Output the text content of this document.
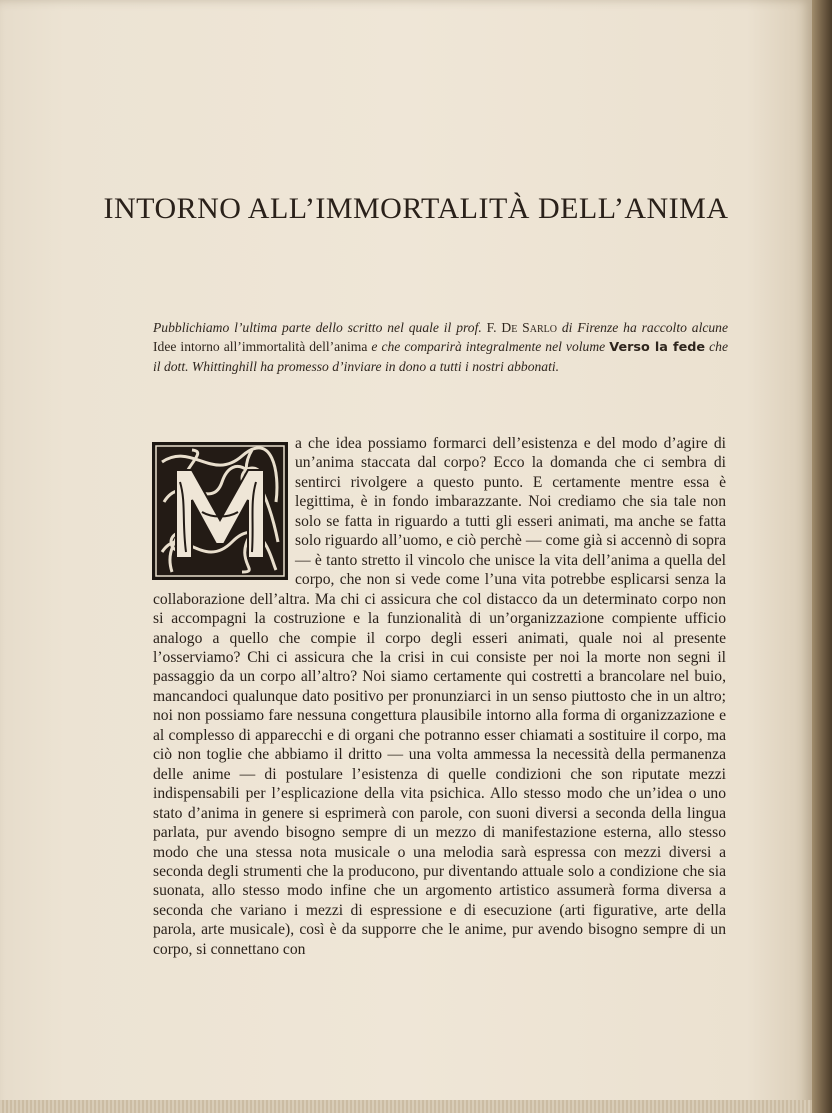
INTORNO ALL’IMMORTALITÀ DELL’ANIMA

Pubblichiamo l’ultima parte dello scritto nel quale il prof. F. De Sarlo di Firenze ha raccolto alcune Idee intorno all’immortalità dell’anima e che comparirà integralmente nel volume Verso la fede che il dott. Whittinghill ha promesso d’inviare in dono a tutti i nostri abbonati.

a che idea possiamo formarci dell’esistenza e del modo d’agire di un’anima staccata dal corpo? Ecco la domanda che ci sembra di sentirci rivolgere a questo punto. E certamente mentre essa è legittima, è in fondo imbarazzante. Noi crediamo che sia tale non solo se fatta in riguardo a tutti gli esseri animati, ma anche se fatta solo riguardo all’uomo, e ciò perchè — come già si accennò di sopra — è tanto stretto il vincolo che unisce la vita dell’anima a quella del corpo, che non si vede come l’una vita potrebbe esplicarsi senza la collaborazione dell’altra. Ma chi ci assicura che col distacco da un determinato corpo non si accompagni la costruzione e la funzionalità di un’organizzazione compiente ufficio analogo a quello che compie il corpo degli esseri animati, quale noi al presente l’osserviamo? Chi ci assicura che la crisi in cui consiste per noi la morte non segni il passaggio da un corpo all’altro? Noi siamo certamente qui costretti a brancolare nel buio, mancandoci qualunque dato positivo per pronunziarci in un senso piuttosto che in un altro; noi non possiamo fare nessuna congettura plausibile intorno alla forma di organizzazione e al complesso di apparecchi e di organi che potranno esser chiamati a sostituire il corpo, ma ciò non toglie che abbiamo il dritto — una volta ammessa la necessità della permanenza delle anime — di postulare l’esistenza di quelle condizioni che son riputate mezzi indispensabili per l’esplicazione della vita psichica. Allo stesso modo che un’idea o uno stato d’anima in genere si esprimerà con parole, con suoni diversi a seconda della lingua parlata, pur avendo bisogno sempre di un mezzo di manifestazione esterna, allo stesso modo che una stessa nota musicale o una melodia sarà espressa con mezzi diversi a seconda degli strumenti che la producono, pur diventando attuale solo a condizione che sia suonata, allo stesso modo infine che un argomento artistico assumerà forma diversa a seconda che variano i mezzi di espressione e di esecuzione (arti figurative, arte della parola, arte musicale), così è da supporre che le anime, pur avendo bisogno sempre di un corpo, si connettano con
